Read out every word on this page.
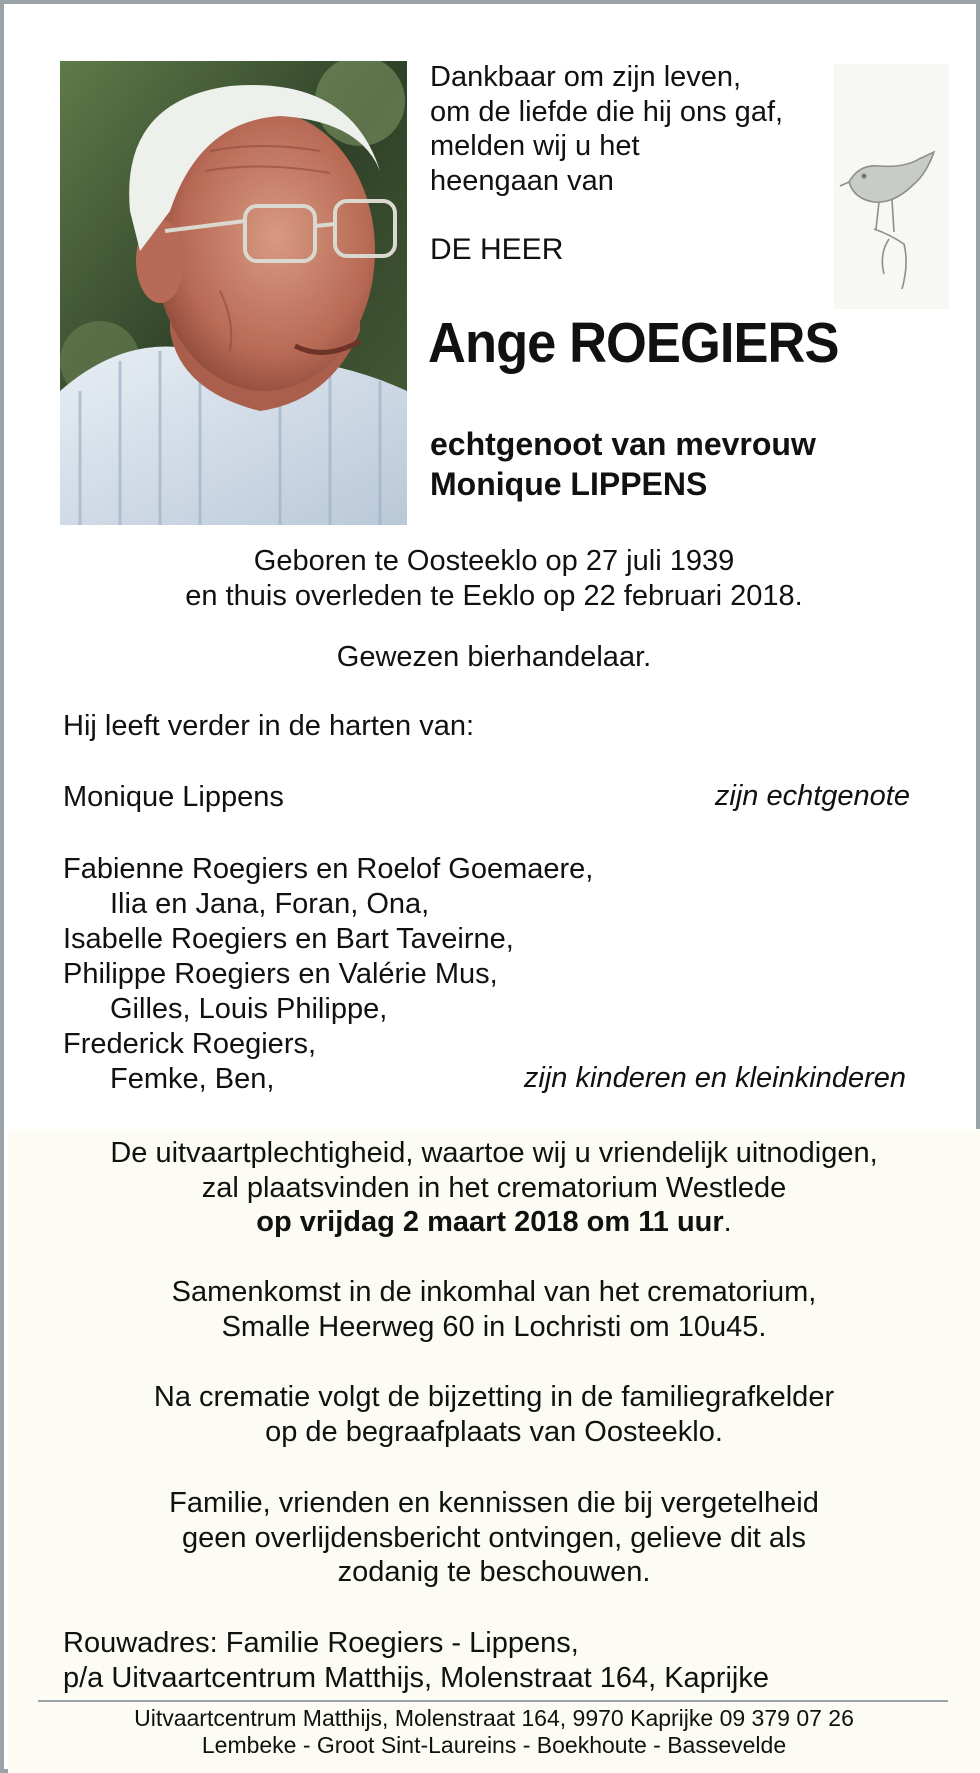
Dankbaar om zijn leven,
om de liefde die hij ons gaf,
melden wij u het
heengaan van
DE HEER
Ange ROEGIERS
echtgenoot van mevrouw
Monique LIPPENS
Geboren te Oosteeklo op 27 juli 1939
en thuis overleden te Eeklo op 22 februari 2018.
Gewezen bierhandelaar.
Hij leeft verder in de harten van:
Monique Lippens	zijn echtgenote
Fabienne Roegiers en Roelof Goemaere,
Ilia en Jana, Foran, Ona,
Isabelle Roegiers en Bart Taveirne,
Philippe Roegiers en Valérie Mus,
Gilles, Louis Philippe,
Frederick Roegiers,
Femke, Ben,	zijn kinderen en kleinkinderen
De uitvaartplechtigheid, waartoe wij u vriendelijk uitnodigen,
zal plaatsvinden in het crematorium Westlede
op vrijdag 2 maart 2018 om 11 uur.
Samenkomst in de inkomhal van het crematorium,
Smalle Heerweg 60 in Lochristi om 10u45.
Na crematie volgt de bijzetting in de familiegrafkelder
op de begraafplaats van Oosteeklo.
Familie, vrienden en kennissen die bij vergetelheid
geen overlijdensbericht ontvingen, gelieve dit als
zodanig te beschouwen.
Rouwadres: Familie Roegiers - Lippens,
p/a Uitvaartcentrum Matthijs, Molenstraat 164, Kaprijke
Uitvaartcentrum Matthijs, Molenstraat 164, 9970 Kaprijke 09 379 07 26
Lembeke - Groot Sint-Laureins - Boekhoute - Bassevelde
